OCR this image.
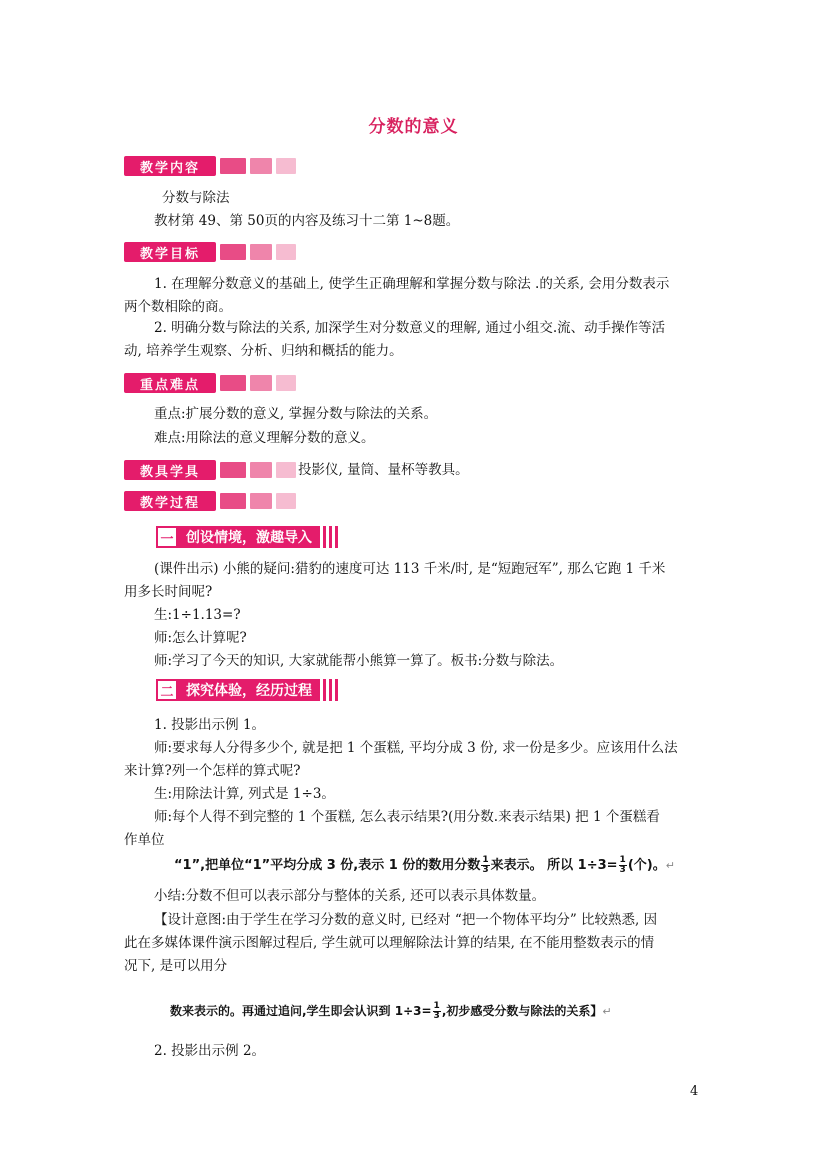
分数的意义
教学内容
分数与除法
教材第 49、第 50页的内容及练习十二第 1~8题。
教学目标
1. 在理解分数意义的基础上, 使学生正确理解和掌握分数与除法 .的关系, 会用分数表示
两个数相除的商。
2. 明确分数与除法的关系, 加深学生对分数意义的理解, 通过小组交.流、动手操作等活
动, 培养学生观察、分析、归纳和概括的能力。
重点难点
重点:扩展分数的意义, 掌握分数与除法的关系。
难点:用除法的意义理解分数的意义。
教具学具	投影仪, 量筒、量杯等教具。
教学过程
一 创设情境，激趣导入
(课件出示) 小熊的疑问:猎豹的速度可达 113 千米/时, 是“短跑冠军”, 那么它跑 1 千米
用多长时间呢?
生:1÷1.13=?
师:怎么计算呢?
师:学习了今天的知识, 大家就能帮小熊算一算了。板书:分数与除法。
二 探究体验，经历过程
1. 投影出示例 1。
师:要求每人分得多少个, 就是把 1 个蛋糕, 平均分成 3 份, 求一份是多少。应该用什么法
来计算?列一个怎样的算式呢?
生:用除法计算, 列式是 1÷3。
师:每个人得不到完整的 1 个蛋糕, 怎么表示结果?(用分数.来表示结果) 把 1 个蛋糕看
作单位
“1”,把单位“1”平均分成 3 份,表示 1 份的数用分数 $\frac{1}{3}$ 来表示。 所以 $1\div 3= \frac{1}{3}$ (个)。↵
小结:分数不但可以表示部分与整体的关系, 还可以表示具体数量。
【设计意图:由于学生在学习分数的意义时, 已经对 “把一个物体平均分” 比较熟悉, 因
此在多媒体课件演示图解过程后, 学生就可以理解除法计算的结果, 在不能用整数表示的情
况下, 是可以用分
数来表示的。再通过追问,学生即会认识到 $1\div 3= \frac{1}{3}$ ,初步感受分数与除法的关系】↵
2. 投影出示例 2。
4
